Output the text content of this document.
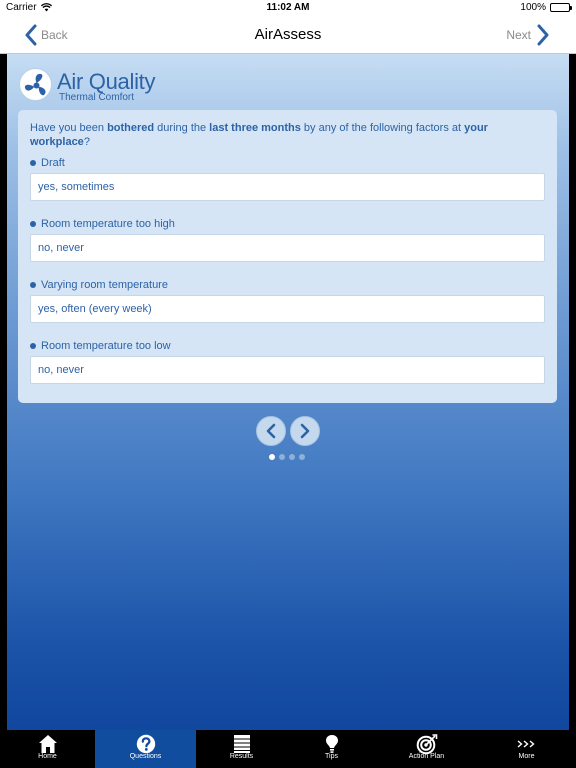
Carrier	11:02 AM	100%
Back	AirAssess	Next
Air Quality
Thermal Comfort
Have you been bothered during the last three months by any of the following factors at your workplace?
Draft
yes, sometimes
Room temperature too high
no, never
Varying room temperature
yes, often (every week)
Room temperature too low
no, never
Home	Questions	Results	Tips	Action Plan	More
